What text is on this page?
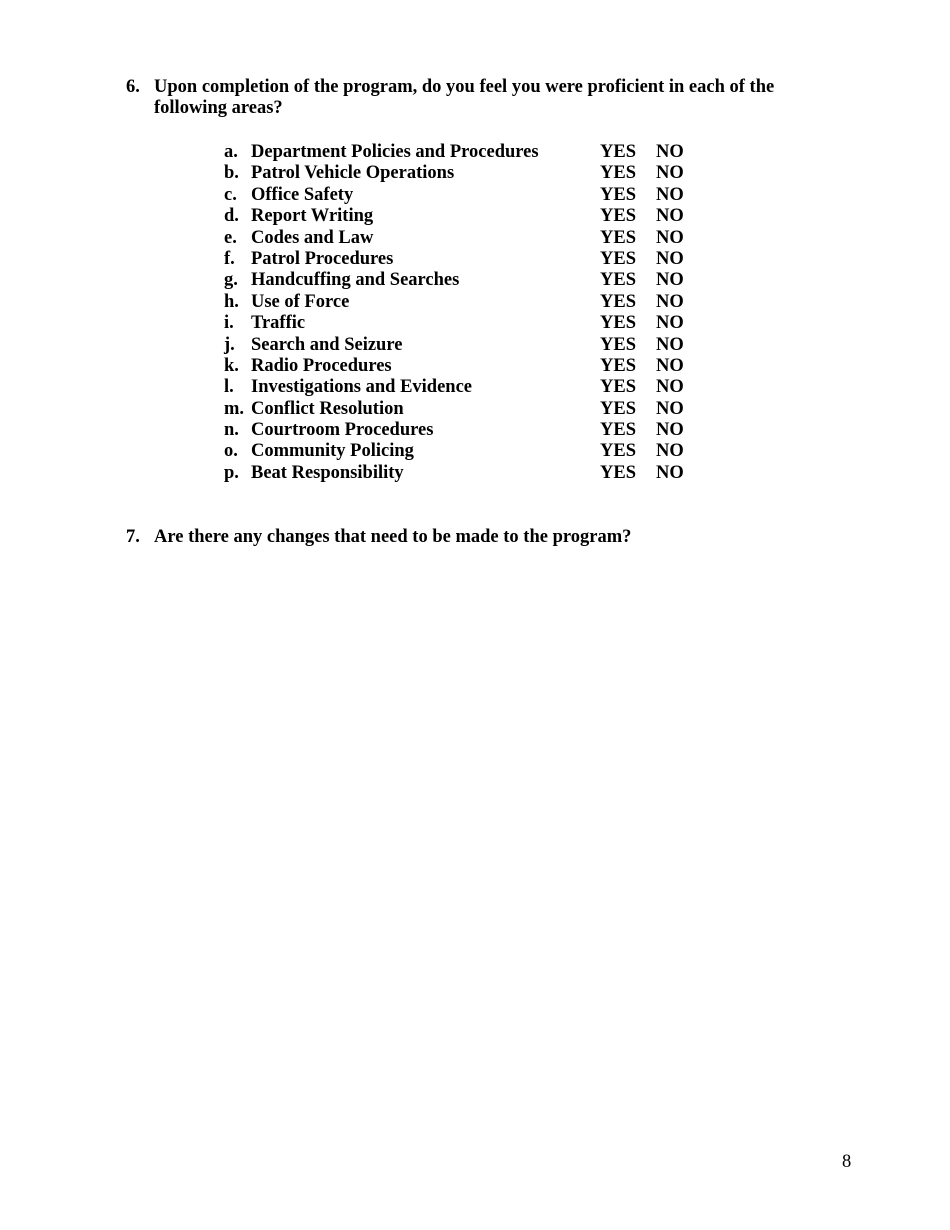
6. Upon completion of the program, do you feel you were proficient in each of the following areas?
a. Department Policies and Procedures	YES NO
b. Patrol Vehicle Operations	YES NO
c. Office Safety	YES NO
d. Report Writing	YES NO
e. Codes and Law	YES NO
f. Patrol Procedures	YES NO
g. Handcuffing and Searches	YES NO
h. Use of Force	YES NO
i. Traffic	YES NO
j. Search and Seizure	YES NO
k. Radio Procedures	YES NO
l. Investigations and Evidence	YES NO
m. Conflict Resolution	YES NO
n. Courtroom Procedures	YES NO
o. Community Policing	YES NO
p. Beat Responsibility	YES NO
7. Are there any changes that need to be made to the program?
8
